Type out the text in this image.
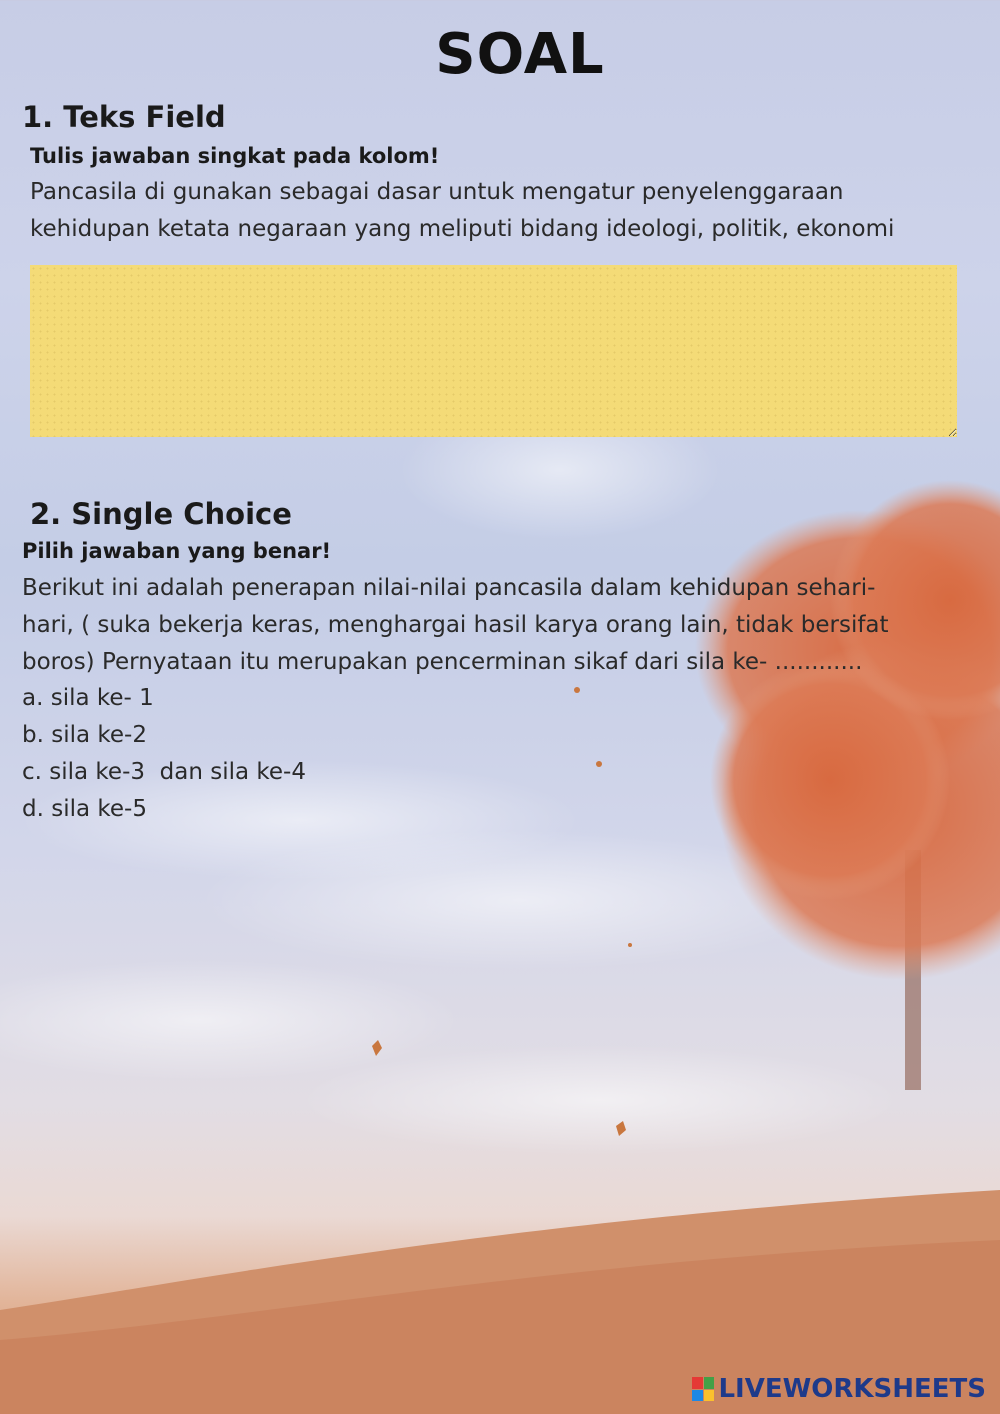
SOAL
1. Teks Field
Tulis jawaban singkat pada kolom!
Pancasila di gunakan sebagai dasar untuk mengatur penyelenggaraan
kehidupan ketata negaraan yang meliputi bidang ideologi, politik, ekonomi
2. Single Choice
Pilih jawaban yang benar!
Berikut ini adalah penerapan nilai-nilai pancasila dalam kehidupan sehari-
hari, ( suka bekerja keras, menghargai hasil karya orang lain, tidak bersifat
boros) Pernyataan itu merupakan pencerminan sikaf dari sila ke- ............
a. sila ke- 1
b. sila ke-2
c. sila ke-3  dan sila ke-4
d. sila ke-5
LIVEWORKSHEETS
